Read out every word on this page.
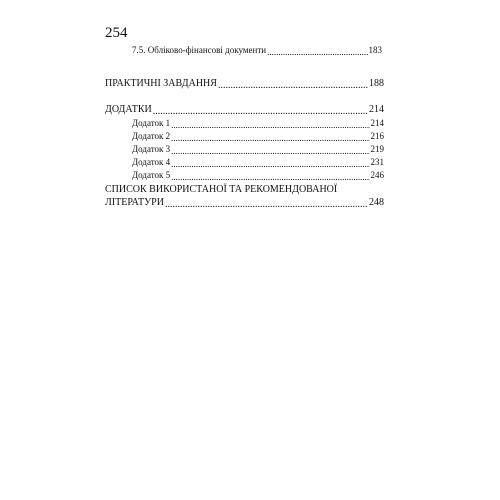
254
7.5. Обліково-фінансові документи .....	183
ПРАКТИЧНІ ЗАВДАННЯ .....	188
ДОДАТКИ .....	214
Додаток 1 .....	214
Додаток 2 .....	216
Додаток 3 .....	219
Додаток 4 .....	231
Додаток 5 .....	246
СПИСОК ВИКОРИСТАНОЇ ТА РЕКОМЕНДОВАНОЇ
ЛІТЕРАТУРИ .....	248
